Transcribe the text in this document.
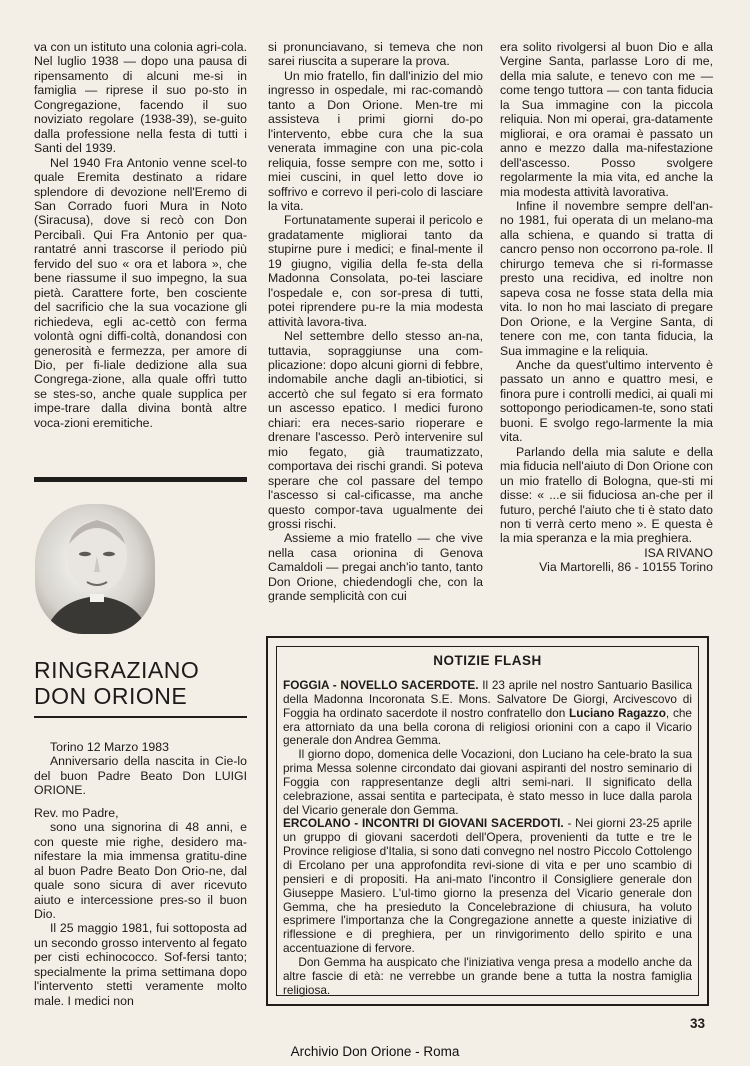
va con un istituto una colonia agri-cola. Nel luglio 1938 — dopo una pausa di ripensamento di alcuni me-si in famiglia — riprese il suo po-sto in Congregazione, facendo il suo noviziato regolare (1938-39), se-guito dalla professione nella festa di tutti i Santi del 1939.

Nel 1940 Fra Antonio venne scel-to quale Eremita destinato a ridare splendore di devozione nell'Eremo di San Corrado fuori Mura in Noto (Siracusa), dove si recò con Don Percibalì. Qui Fra Antonio per qua-rantatré anni trascorse il periodo più fervido del suo « ora et labora », che bene riassume il suo impegno, la sua pietà. Carattere forte, ben cosciente del sacrificio che la sua vocazione gli richiedeva, egli ac-cettò con ferma volontà ogni diffi-coltà, donandosi con generosità e fermezza, per amore di Dio, per fi-liale dedizione alla sua Congrega-zione, alla quale offrì tutto se stes-so, anche quale supplica per impe-trare dalla divina bontà altre voca-zioni eremitiche.

RINGRAZIANO
DON ORIONE

Torino 12 Marzo 1983

Anniversario della nascita in Cie-lo del buon Padre Beato Don LUIGI ORIONE.

Rev. mo Padre,

sono una signorina di 48 anni, e con queste mie righe, desidero ma-nifestare la mia immensa gratitu-dine al buon Padre Beato Don Orio-ne, dal quale sono sicura di aver ricevuto aiuto e intercessione pres-so il buon Dio.

Il 25 maggio 1981, fui sottoposta ad un secondo grosso intervento al fegato per cisti echinococco. Sof-fersi tanto; specialmente la prima settimana dopo l'intervento stetti veramente molto male. I medici non

si pronunciavano, si temeva che non sarei riuscita a superare la prova.

Un mio fratello, fin dall'inizio del mio ingresso in ospedale, mi rac-comandò tanto a Don Orione. Men-tre mi assisteva i primi giorni do-po l'intervento, ebbe cura che la sua venerata immagine con una pic-cola reliquia, fosse sempre con me, sotto i miei cuscini, in quel letto dove io soffrivo e correvo il peri-colo di lasciare la vita.

Fortunatamente superai il pericolo e gradatamente migliorai tanto da stupirne pure i medici; e final-mente il 19 giugno, vigilia della fe-sta della Madonna Consolata, po-tei lasciare l'ospedale e, con sor-presa di tutti, potei riprendere pu-re la mia modesta attività lavora-tiva.

Nel settembre dello stesso an-na, tuttavia, sopraggiunse una com-plicazione: dopo alcuni giorni di febbre, indomabile anche dagli an-tibiotici, si accertò che sul fegato si era formato un ascesso epatico. I medici furono chiari: era neces-sario rioperare e drenare l'ascesso. Però intervenire sul mio fegato, già traumatizzato, comportava dei rischi grandi. Si poteva sperare che col passare del tempo l'ascesso si cal-cificasse, ma anche questo compor-tava ugualmente dei grossi rischi.

Assieme a mio fratello — che vive nella casa orionina di Genova Camaldoli — pregai anch'io tanto, tanto Don Orione, chiedendogli che, con la grande semplicità con cui

era solito rivolgersi al buon Dio e alla Vergine Santa, parlasse Loro di me, della mia salute, e tenevo con me — come tengo tuttora — con tanta fiducia la Sua immagine con la piccola reliquia. Non mi operai, gra-datamente migliorai, e ora oramai è passato un anno e mezzo dalla ma-nifestazione dell'ascesso. Posso svolgere regolarmente la mia vita, ed anche la mia modesta attività lavorativa.

Infine il novembre sempre dell'an-no 1981, fui operata di un melano-ma alla schiena, e quando si tratta di cancro penso non occorrono pa-role. Il chirurgo temeva che si ri-formasse presto una recidiva, ed inoltre non sapeva cosa ne fosse stata della mia vita. Io non ho mai lasciato di pregare Don Orione, e la Vergine Santa, di tenere con me, con tanta fiducia, la Sua immagine e la reliquia.

Anche da quest'ultimo intervento è passato un anno e quattro mesi, e finora pure i controlli medici, ai quali mi sottopongo periodicamen-te, sono stati buoni. E svolgo rego-larmente la mia vita.

Parlando della mia salute e della mia fiducia nell'aiuto di Don Orione con un mio fratello di Bologna, que-sti mi disse: « ...e sii fiduciosa an-che per il futuro, perché l'aiuto che ti è stato dato non ti verrà certo meno ». E questa è la mia speranza e la mia preghiera.

ISA RIVANO

Via Martorelli, 86 - 10155 Torino

NOTIZIE FLASH

FOGGIA - NOVELLO SACERDOTE. Il 23 aprile nel nostro Santuario Basilica della Madonna Incoronata S.E. Mons. Salvatore De Giorgi, Arcivescovo di Foggia ha ordinato sacerdote il nostro confratello don Luciano Ragazzo, che era attorniato da una bella corona di religiosi orionini con a capo il Vicario generale don Andrea Gemma.

Il giorno dopo, domenica delle Vocazioni, don Luciano ha cele-brato la sua prima Messa solenne circondato dai giovani aspiranti del nostro seminario di Foggia con rappresentanze degli altri semi-nari. Il significato della celebrazione, assai sentita e partecipata, è stato messo in luce dalla parola del Vicario generale don Gemma.

ERCOLANO - INCONTRI DI GIOVANI SACERDOTI. - Nei giorni 23-25 aprile un gruppo di giovani sacerdoti dell'Opera, provenienti da tutte e tre le Province religiose d'Italia, si sono dati convegno nel nostro Piccolo Cottolengo di Ercolano per una approfondita revi-sione di vita e per uno scambio di pensieri e di propositi. Ha ani-mato l'incontro il Consigliere generale don Giuseppe Masiero. L'ul-timo giorno la presenza del Vicario generale don Gemma, che ha presieduto la Concelebrazione di chiusura, ha voluto esprimere l'importanza che la Congregazione annette a queste iniziative di riflessione e di preghiera, per un rinvigorimento dello spirito e una accentuazione di fervore.

Don Gemma ha auspicato che l'iniziativa venga presa a modello anche da altre fascie di età: ne verrebbe un grande bene a tutta la nostra famiglia religiosa.

33
Archivio Don Orione - Roma
